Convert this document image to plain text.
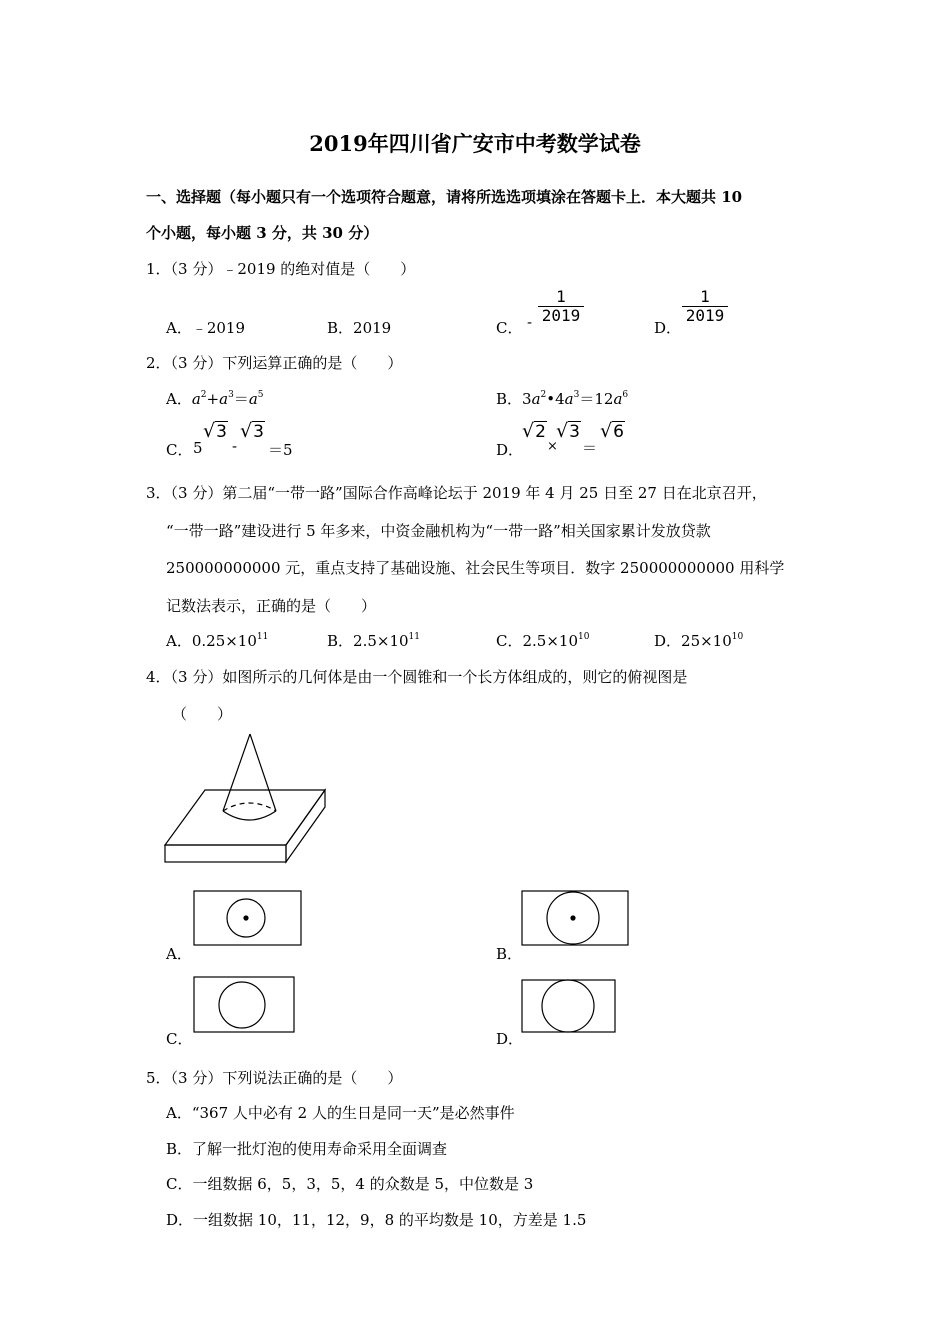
2019年四川省广安市中考数学试卷
一、选择题（每小题只有一个选项符合题意，请将所选选项填涂在答题卡上．本大题共 10
个小题，每小题 3 分，共 30 分）
1．（3 分）﹣2019 的绝对值是（　　）
A．﹣2019	B．2019	C． -
1
2019
D．
1
2019
2．（3 分）下列运算正确的是（　　）
A．$a^2+a^3=a^5$	B．$3a^2•4a^3=12a^6$
C． 5
√3
-
√3
＝5	D．
√2
×
√3
＝
√6
3．（3 分）第二届“一带一路”国际合作高峰论坛于 2019 年 4 月 25 日至 27 日在北京召开，
“一带一路”建设进行 5 年多来，中资金融机构为“一带一路”相关国家累计发放贷款
250000000000 元，重点支持了基础设施、社会民生等项目．数字 250000000000 用科学
记数法表示，正确的是（　　）
A．$0.25\times 10^{11}$	B．$2.5\times 10^{11}$	C．$2.5\times 10^{10}$	D．$25\times 10^{10}$
4．（3 分）如图所示的几何体是由一个圆锥和一个长方体组成的，则它的俯视图是
（　　）
A．	B．
C．	D．
5．（3 分）下列说法正确的是（　　）
A．“367 人中必有 2 人的生日是同一天”是必然事件
B．了解一批灯泡的使用寿命采用全面调查
C．一组数据 6，5，3，5，4 的众数是 5，中位数是 3
D．一组数据 10，11，12，9，8 的平均数是 10，方差是 1.5
